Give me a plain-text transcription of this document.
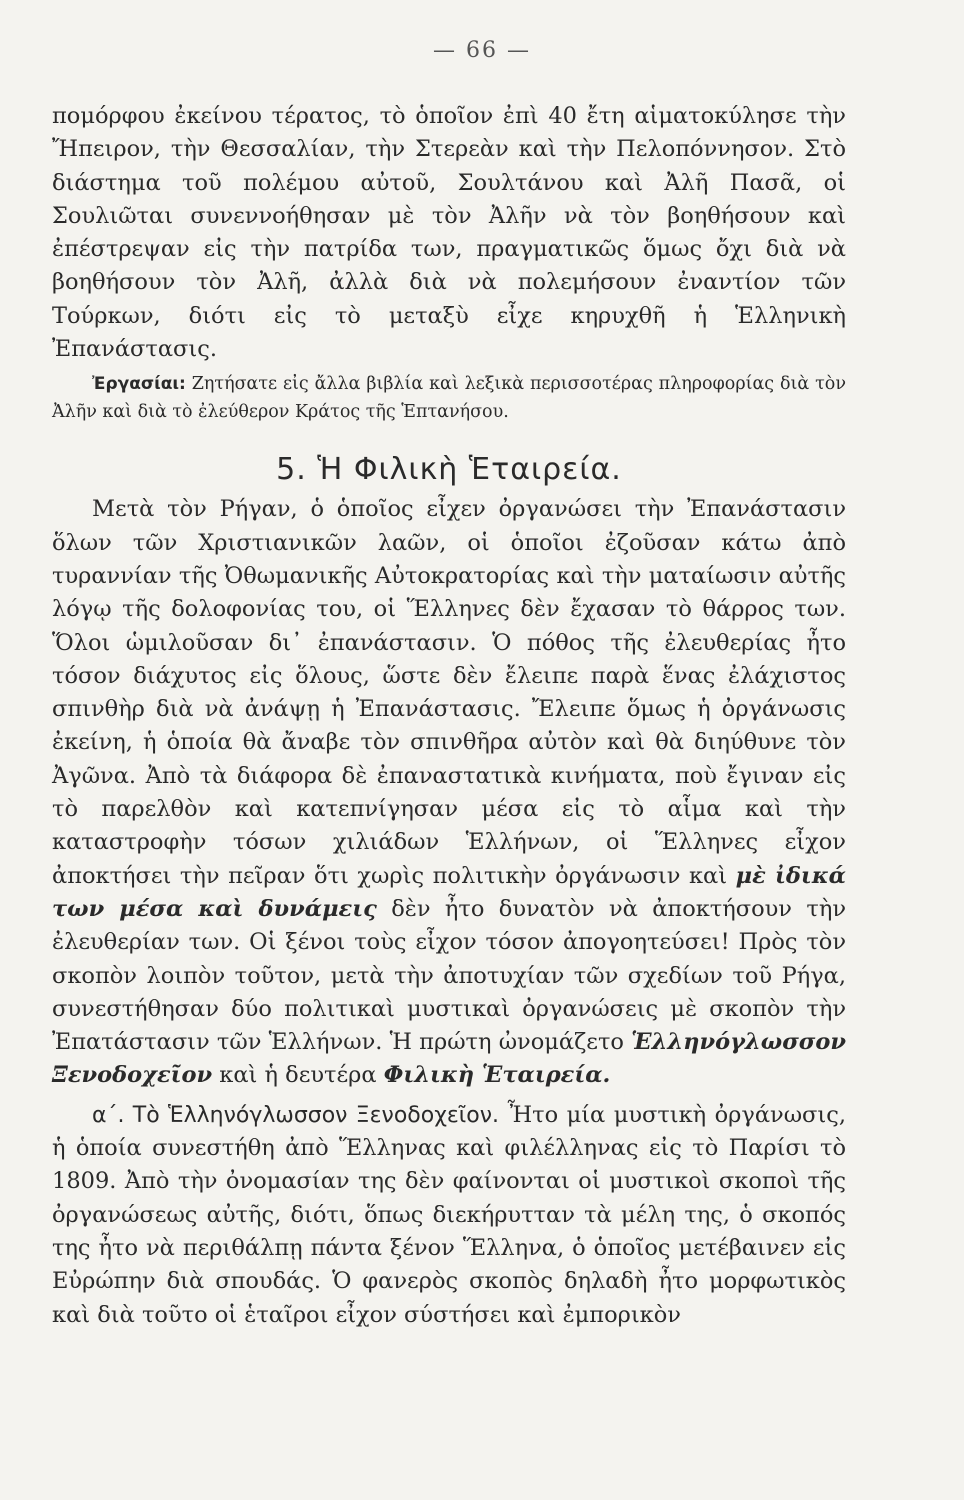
— 66 —

πομόρφου ἐκείνου τέρατος, τὸ ὁποῖον ἐπὶ 40 ἔτη αἱματοκύλησε τὴν Ἤπειρον, τὴν Θεσσαλίαν, τὴν Στερεὰν καὶ τὴν Πελοπόννησον. Στὸ διάστημα τοῦ πολέμου αὐτοῦ, Σουλτάνου καὶ Ἀλῆ Πασᾶ, οἱ Σουλιῶται συνεννοήθησαν μὲ τὸν Ἀλῆν νὰ τὸν βοηθήσουν καὶ ἐπέστρεψαν εἰς τὴν πατρίδα των, πραγματικῶς ὅμως ὄχι διὰ νὰ βοηθήσουν τὸν Ἀλῆ, ἀλλὰ διὰ νὰ πολεμήσουν ἐναντίον τῶν Τούρκων, διότι εἰς τὸ μεταξὺ εἶχε κηρυχθῆ ἡ Ἑλληνικὴ Ἐπανάστασις.

Ἐργασίαι: Ζητήσατε εἰς ἄλλα βιβλία καὶ λεξικὰ περισσοτέρας πληροφορίας διὰ τὸν Ἀλῆν καὶ διὰ τὸ ἐλεύθερον Κράτος τῆς Ἑπτανήσου.

5. Ἡ Φιλικὴ Ἑταιρεία.

Μετὰ τὸν Ρήγαν, ὁ ὁποῖος εἶχεν ὀργανώσει τὴν Ἐπανάστασιν ὅλων τῶν Χριστιανικῶν λαῶν, οἱ ὁποῖοι ἐζοῦσαν κάτω ἀπὸ τυραννίαν τῆς Ὀθωμανικῆς Αὐτοκρατορίας καὶ τὴν ματαίωσιν αὐτῆς λόγῳ τῆς δολοφονίας του, οἱ Ἕλληνες δὲν ἔχασαν τὸ θάρρος των. Ὅλοι ὡμιλοῦσαν δι᾽ ἐπανάστασιν. Ὁ πόθος τῆς ἐλευθερίας ἦτο τόσον διάχυτος εἰς ὅλους, ὥστε δὲν ἔλειπε παρὰ ἕνας ἐλάχιστος σπινθὴρ διὰ νὰ ἀνάψῃ ἡ Ἐπανάστασις. Ἔλειπε ὅμως ἡ ὀργάνωσις ἐκείνη, ἡ ὁποία θὰ ἄναβε τὸν σπινθῆρα αὐτὸν καὶ θὰ διηύθυνε τὸν Ἀγῶνα. Ἀπὸ τὰ διάφορα δὲ ἐπαναστατικὰ κινήματα, ποὺ ἔγιναν εἰς τὸ παρελθὸν καὶ κατεπνίγησαν μέσα εἰς τὸ αἷμα καὶ τὴν καταστροφὴν τόσων χιλιάδων Ἑλλήνων, οἱ Ἕλληνες εἶχον ἀποκτήσει τὴν πεῖραν ὅτι χωρὶς πολιτικὴν ὀργάνωσιν καὶ μὲ ἰδικά των μέσα καὶ δυνάμεις δὲν ἦτο δυνατὸν νὰ ἀποκτήσουν τὴν ἐλευθερίαν των. Οἱ ξένοι τοὺς εἶχον τόσον ἀπογοητεύσει! Πρὸς τὸν σκοπὸν λοιπὸν τοῦτον, μετὰ τὴν ἀποτυχίαν τῶν σχεδίων τοῦ Ρήγα, συνεστήθησαν δύο πολιτικαὶ μυστικαὶ ὀργανώσεις μὲ σκοπὸν τὴν Ἐπατάστασιν τῶν Ἑλλήνων. Ἡ πρώτη ὠνομάζετο Ἑλληνόγλωσσον Ξενοδοχεῖον καὶ ἡ δευτέρα Φιλικὴ Ἑταιρεία.

α΄. Τὸ Ἑλληνόγλωσσον Ξενοδοχεῖον. Ἦτο μία μυστικὴ ὀργάνωσις, ἡ ὁποία συνεστήθη ἀπὸ Ἕλληνας καὶ φιλέλληνας εἰς τὸ Παρίσι τὸ 1809. Ἀπὸ τὴν ὀνομασίαν της δὲν φαίνονται οἱ μυστικοὶ σκοποὶ τῆς ὀργανώσεως αὐτῆς, διότι, ὅπως διεκήρυτταν τὰ μέλη της, ὁ σκοπός της ἦτο νὰ περιθάλπῃ πάντα ξένον Ἕλληνα, ὁ ὁποῖος μετέβαινεν εἰς Εὐρώπην διὰ σπουδάς. Ὁ φανερὸς σκοπὸς δηλαδὴ ἦτο μορφωτικὸς καὶ διὰ τοῦτο οἱ ἑταῖροι εἶχον σύστήσει καὶ ἐμπορικὸν
